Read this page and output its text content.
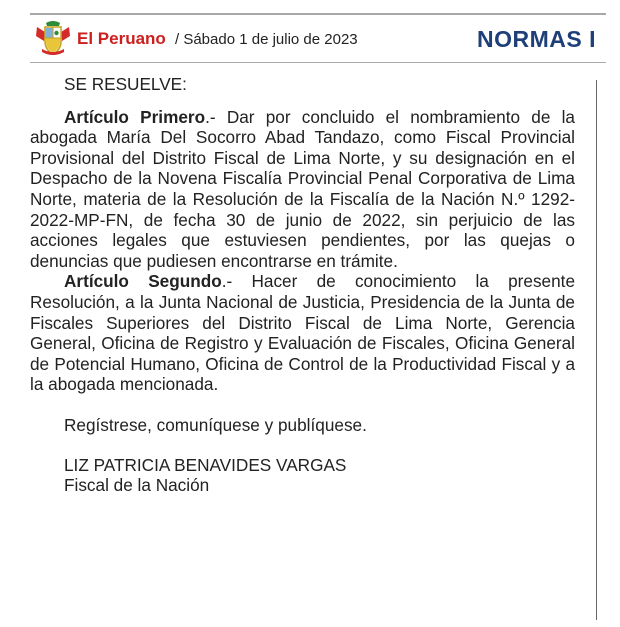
El Peruano / Sábado 1 de julio de 2023	NORMAS I

SE RESUELVE:

Artículo Primero.- Dar por concluido el nombramiento de la abogada María Del Socorro Abad Tandazo, como Fiscal Provincial Provisional del Distrito Fiscal de Lima Norte, y su designación en el Despacho de la Novena Fiscalía Provincial Penal Corporativa de Lima Norte, materia de la Resolución de la Fiscalía de la Nación N.º 1292-2022-MP-FN, de fecha 30 de junio de 2022, sin perjuicio de las acciones legales que estuviesen pendientes, por las quejas o denuncias que pudiesen encontrarse en trámite.

Artículo Segundo.- Hacer de conocimiento la presente Resolución, a la Junta Nacional de Justicia, Presidencia de la Junta de Fiscales Superiores del Distrito Fiscal de Lima Norte, Gerencia General, Oficina de Registro y Evaluación de Fiscales, Oficina General de Potencial Humano, Oficina de Control de la Productividad Fiscal y a la abogada mencionada.

Regístrese, comuníquese y publíquese.

LIZ PATRICIA BENAVIDES VARGAS
Fiscal de la Nación
